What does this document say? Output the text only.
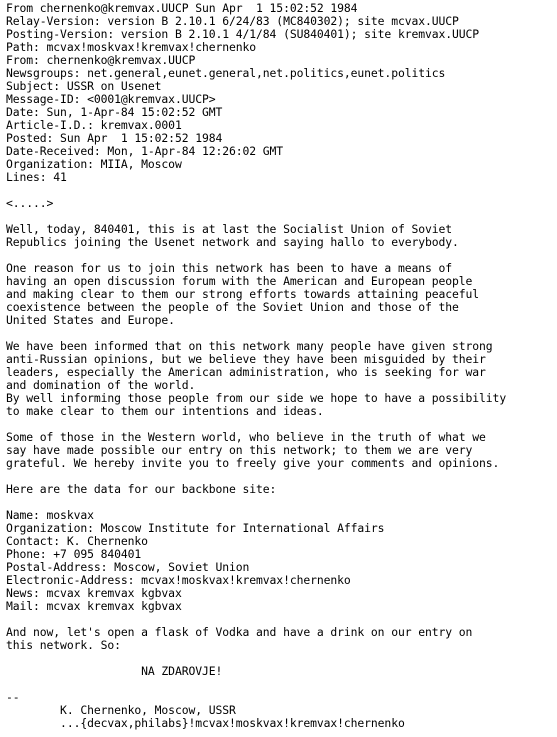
From chernenko@kremvax.UUCP Sun Apr  1 15:02:52 1984
Relay-Version: version B 2.10.1 6/24/83 (MC840302); site mcvax.UUCP
Posting-Version: version B 2.10.1 4/1/84 (SU840401); site kremvax.UUCP
Path: mcvax!moskvax!kremvax!chernenko
From: chernenko@kremvax.UUCP
Newsgroups: net.general,eunet.general,net.politics,eunet.politics
Subject: USSR on Usenet
Message-ID: <0001@kremvax.UUCP>
Date: Sun, 1-Apr-84 15:02:52 GMT
Article-I.D.: kremvax.0001
Posted: Sun Apr  1 15:02:52 1984
Date-Received: Mon, 1-Apr-84 12:26:02 GMT
Organization: MIIA, Moscow
Lines: 41
<.....>
Well, today, 840401, this is at last the Socialist Union of Soviet
Republics joining the Usenet network and saying hallo to everybody.
One reason for us to join this network has been to have a means of
having an open discussion forum with the American and European people
and making clear to them our strong efforts towards attaining peaceful
coexistence between the people of the Soviet Union and those of the
United States and Europe.
We have been informed that on this network many people have given strong
anti-Russian opinions, but we believe they have been misguided by their
leaders, especially the American administration, who is seeking for war
and domination of the world.
By well informing those people from our side we hope to have a possibility
to make clear to them our intentions and ideas.
Some of those in the Western world, who believe in the truth of what we
say have made possible our entry on this network; to them we are very
grateful. We hereby invite you to freely give your comments and opinions.
Here are the data for our backbone site:
Name: moskvax
Organization: Moscow Institute for International Affairs
Contact: K. Chernenko
Phone: +7 095 840401
Postal-Address: Moscow, Soviet Union
Electronic-Address: mcvax!moskvax!kremvax!chernenko
News: mcvax kremvax kgbvax
Mail: mcvax kremvax kgbvax
And now, let's open a flask of Vodka and have a drink on our entry on
this network. So:
NA ZDAROVJE!
--
K. Chernenko, Moscow, USSR
...{decvax,philabs}!mcvax!moskvax!kremvax!chernenko
